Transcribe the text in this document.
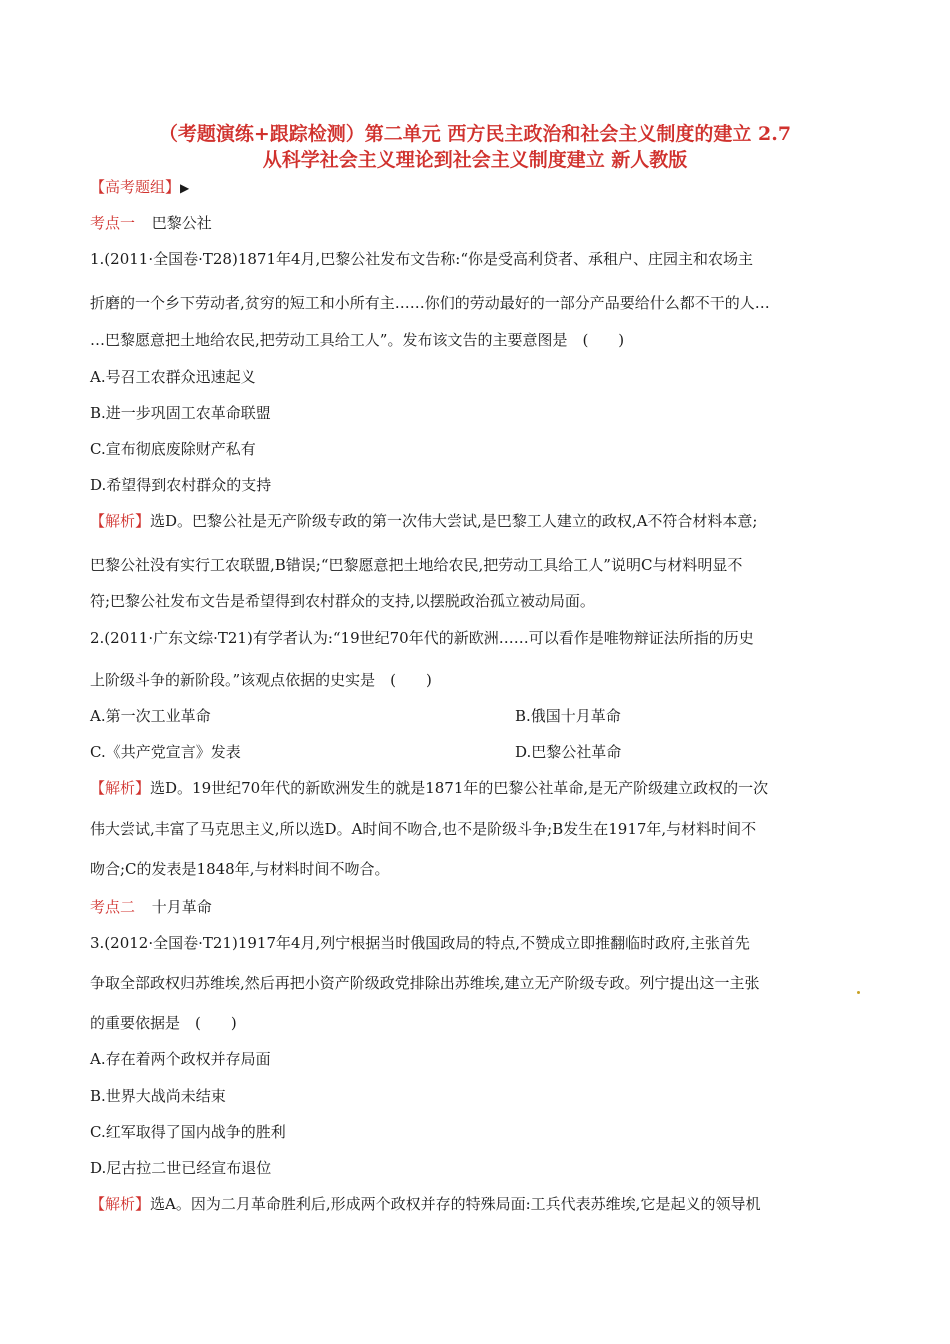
（考题演练+跟踪检测）第二单元 西方民主政治和社会主义制度的建立 2.7
从科学社会主义理论到社会主义制度建立 新人教版
【高考题组】▶
考点一 巴黎公社
1.(2011·全国卷·T28)1871年4月,巴黎公社发布文告称:“你是受高利贷者、承租户、庄园主和农场主
折磨的一个乡下劳动者,贫穷的短工和小所有主……你们的劳动最好的一部分产品要给什么都不干的人…
…巴黎愿意把土地给农民,把劳动工具给工人”。发布该文告的主要意图是　(　　)
A.号召工农群众迅速起义
B.进一步巩固工农革命联盟
C.宣布彻底废除财产私有
D.希望得到农村群众的支持
【解析】选D。巴黎公社是无产阶级专政的第一次伟大尝试,是巴黎工人建立的政权,A不符合材料本意;
巴黎公社没有实行工农联盟,B错误;“巴黎愿意把土地给农民,把劳动工具给工人”说明C与材料明显不
符;巴黎公社发布文告是希望得到农村群众的支持,以摆脱政治孤立被动局面。
2.(2011·广东文综·T21)有学者认为:“19世纪70年代的新欧洲……可以看作是唯物辩证法所指的历史
上阶级斗争的新阶段。”该观点依据的史实是　(　　)
A.第一次工业革命	B.俄国十月革命
C.《共产党宣言》发表	D.巴黎公社革命
【解析】选D。19世纪70年代的新欧洲发生的就是1871年的巴黎公社革命,是无产阶级建立政权的一次
伟大尝试,丰富了马克思主义,所以选D。A时间不吻合,也不是阶级斗争;B发生在1917年,与材料时间不
吻合;C的发表是1848年,与材料时间不吻合。
考点二 十月革命
3.(2012·全国卷·T21)1917年4月,列宁根据当时俄国政局的特点,不赞成立即推翻临时政府,主张首先
争取全部政权归苏维埃,然后再把小资产阶级政党排除出苏维埃,建立无产阶级专政。列宁提出这一主张
的重要依据是　(　　)
A.存在着两个政权并存局面
B.世界大战尚未结束
C.红军取得了国内战争的胜利
D.尼古拉二世已经宣布退位
【解析】选A。因为二月革命胜利后,形成两个政权并存的特殊局面:工兵代表苏维埃,它是起义的领导机
